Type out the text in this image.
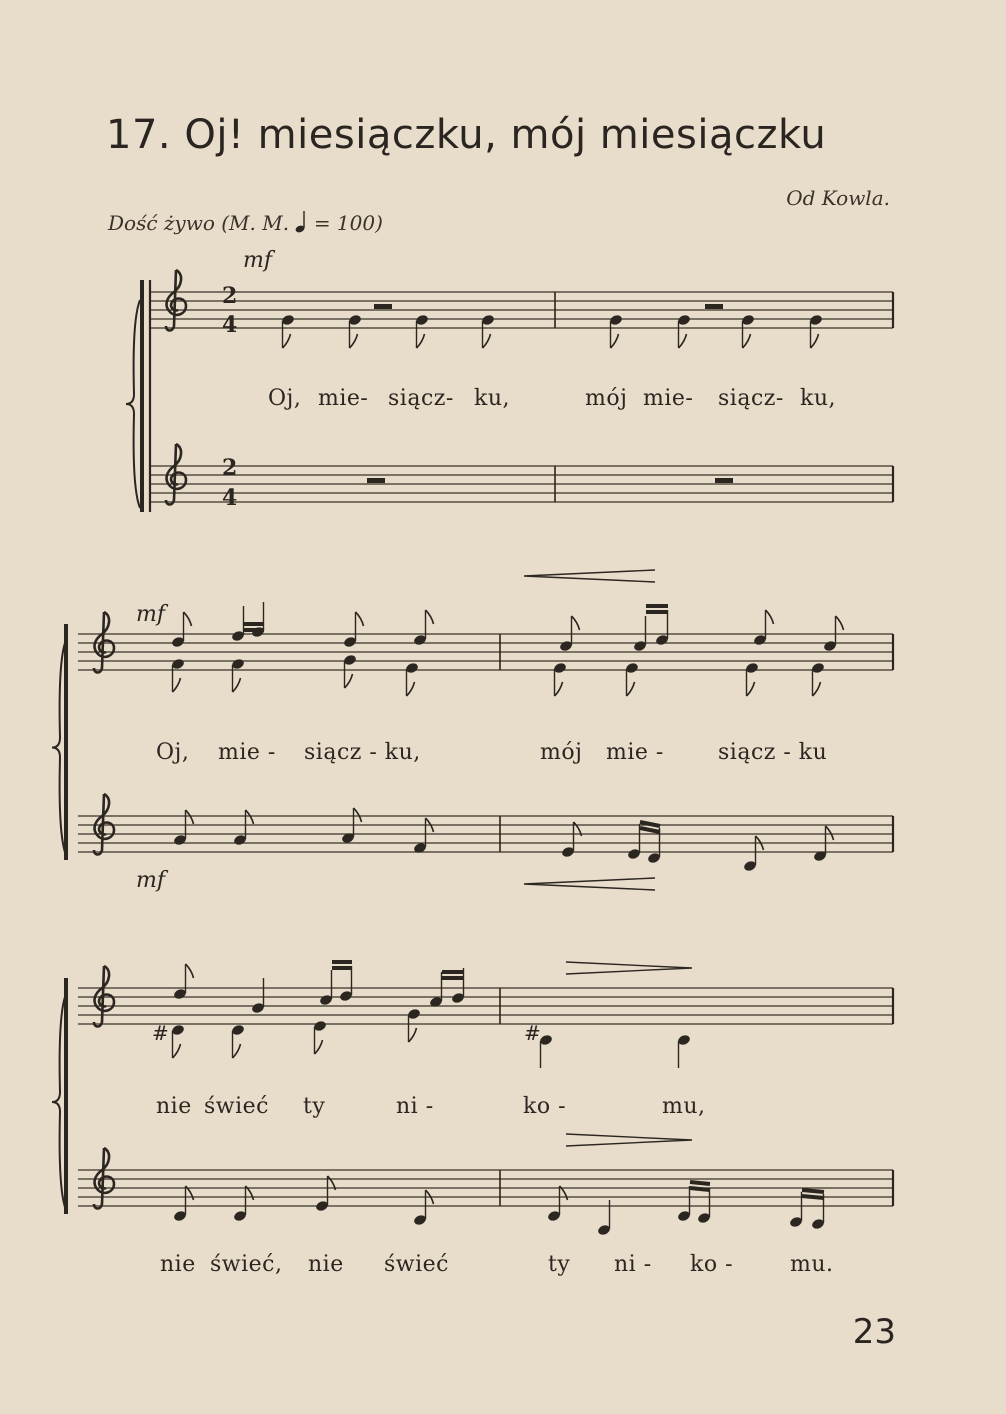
17. Oj! miesiączku, mój miesiączku
Od Kowla.
Dość żywo (M. M. = 100)
mf
mf
mf
Oj, mie- siącz- ku,	mój mie- siącz- ku,
Oj, mie - siącz - ku,	mój mie - siącz - ku
nie świeć ty	ni -	ko -	mu,
nie świeć, nie świeć	ty ni - ko -	mu.
23
#	#
2
4
2
4
